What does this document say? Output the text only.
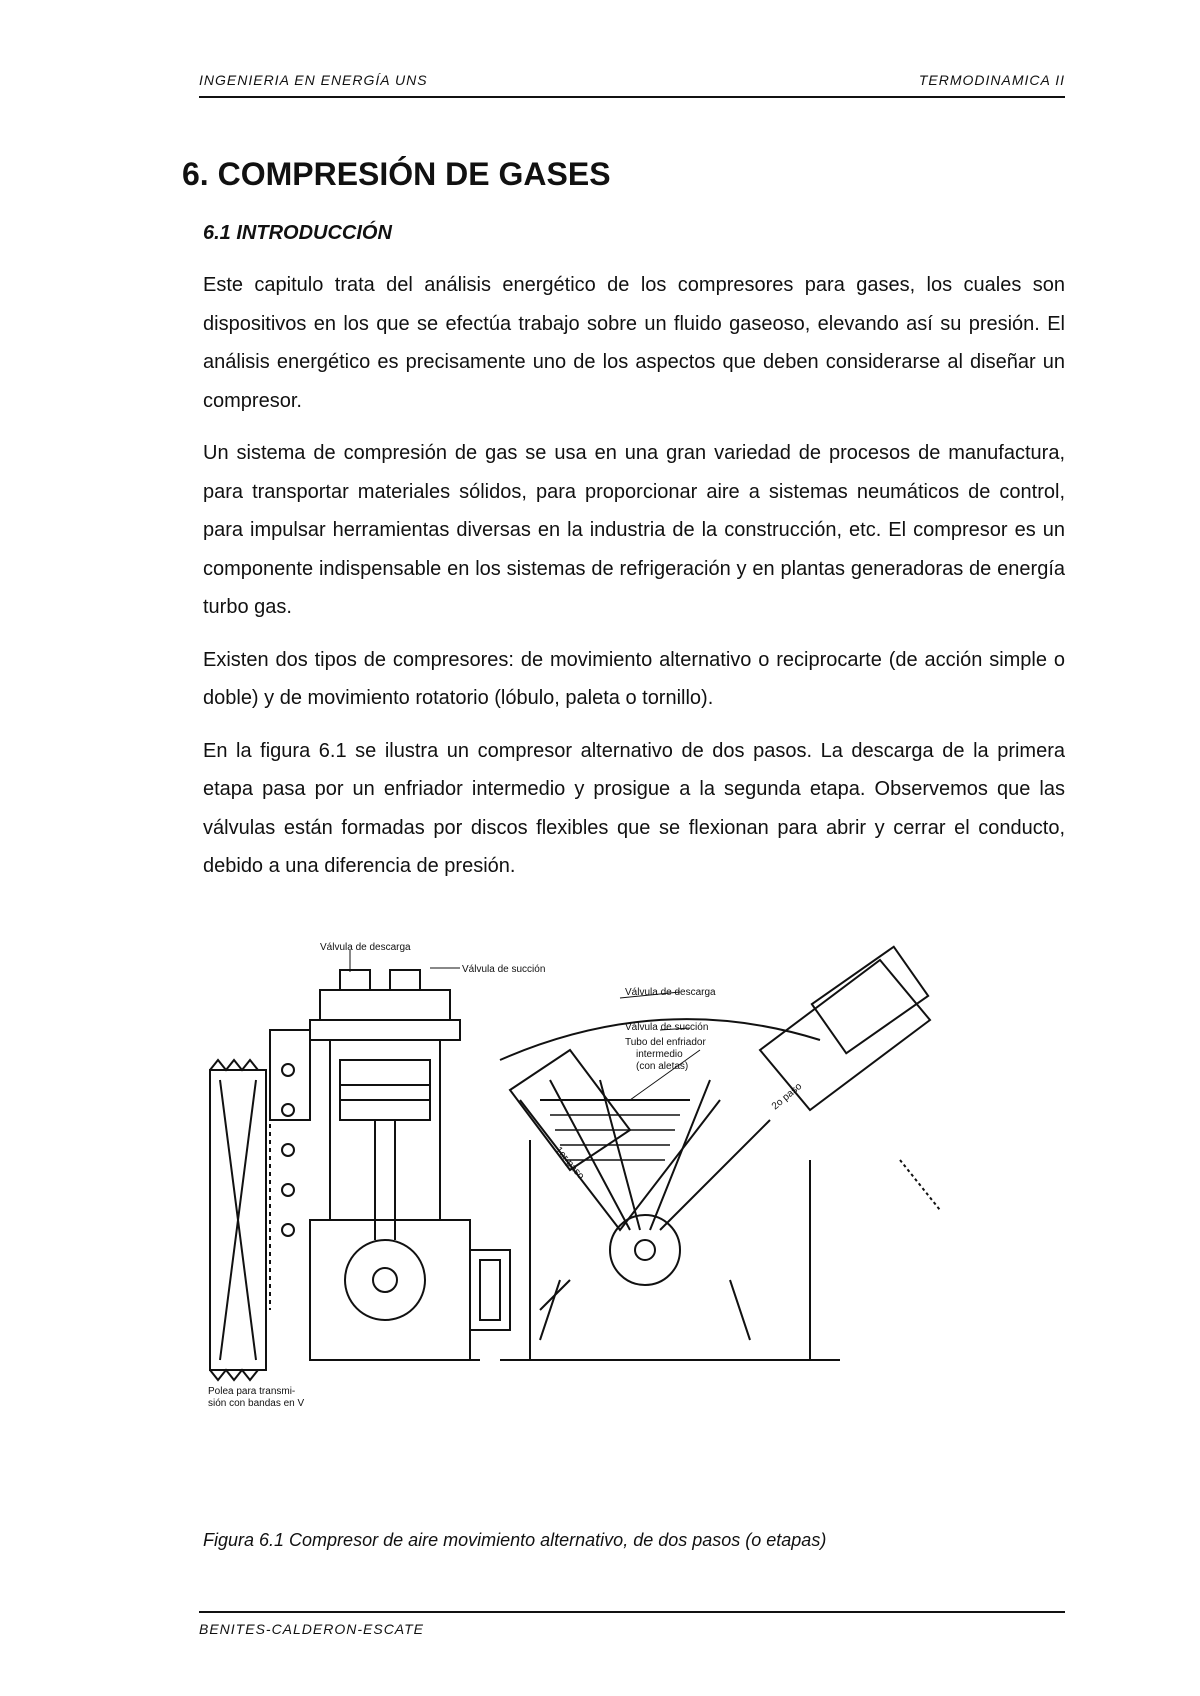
INGENIERIA EN ENERGÍA UNS	TERMODINAMICA II
6. COMPRESIÓN DE GASES
6.1 INTRODUCCIÓN

Este capitulo trata del análisis energético de los compresores para gases, los cuales son dispositivos en los que se efectúa trabajo sobre un fluido gaseoso, elevando así su presión. El análisis energético es precisamente uno de los aspectos que deben considerarse al diseñar un compresor.

Un sistema de compresión de gas se usa en una gran variedad de procesos de manufactura, para transportar materiales sólidos, para proporcionar aire a sistemas neumáticos de control, para impulsar herramientas diversas en la industria de la construcción, etc. El compresor es un componente indispensable en los sistemas de refrigeración y en plantas generadoras de energía turbo gas.

Existen dos tipos de compresores: de movimiento alternativo o reciprocarte (de acción simple o doble) y de movimiento rotatorio (lóbulo, paleta o tornillo).

En la figura 6.1 se ilustra un compresor alternativo de dos pasos. La descarga de la primera etapa pasa por un enfriador intermedio y prosigue a la segunda etapa. Observemos que las válvulas están formadas por discos flexibles que se flexionan para abrir y cerrar el conducto, debido a una diferencia de presión.

Válvula de descarga
Válvula de succión
Válvula de descarga
Válvula de succión
Tubo del enfriador
intermedio
(con aletas)
Polea para transmi-
sión con bandas en V
1er paso
2o paso
Figura 6.1 Compresor de aire movimiento alternativo, de dos pasos (o etapas)
BENITES-CALDERON-ESCATE
